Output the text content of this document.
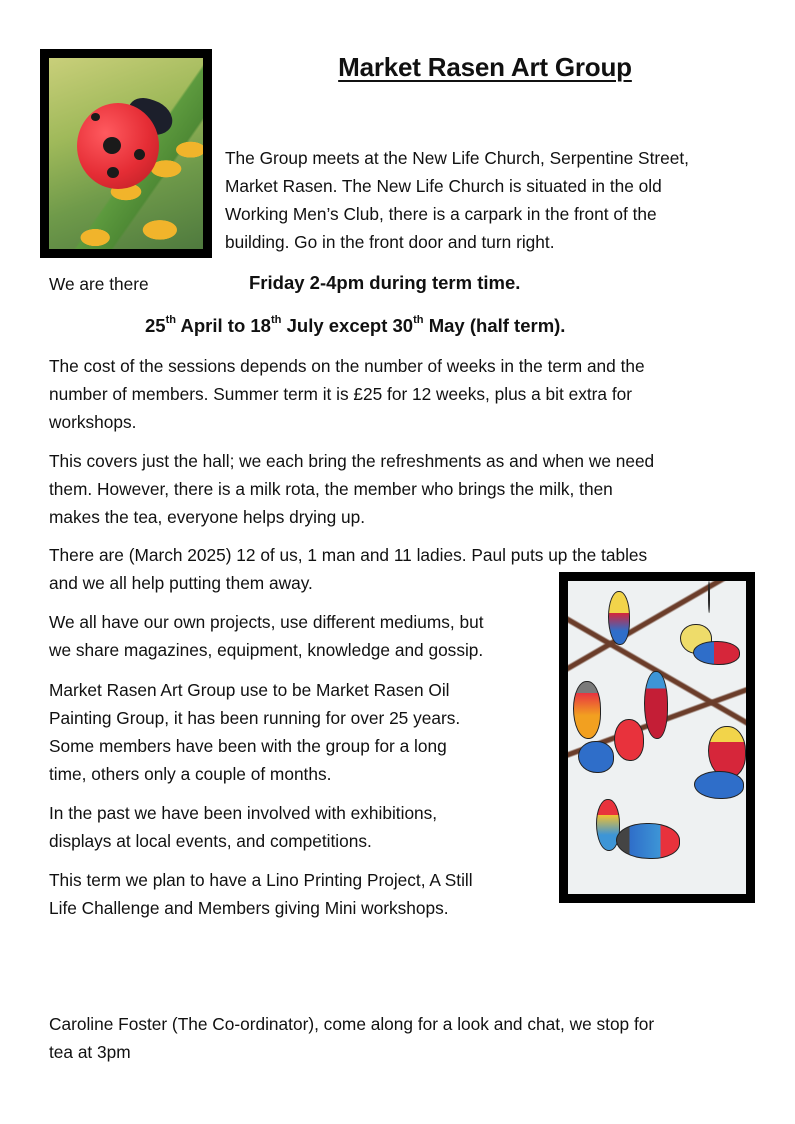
Market Rasen Art Group
The Group meets at the New Life Church, Serpentine Street,
Market Rasen. The New Life Church is situated in the old
Working Men’s Club, there is a carpark in the front of the
building. Go in the front door and turn right.
We are there	Friday 2-4pm during term time.
25th April to 18th July except 30th May (half term).
The cost of the sessions depends on the number of weeks in the term and the
number of members. Summer term it is £25 for 12 weeks, plus a bit extra for
workshops.
This covers just the hall; we each bring the refreshments as and when we need
them. However, there is a milk rota, the member who brings the milk, then
makes the tea, everyone helps drying up.
There are (March 2025) 12 of us, 1 man and 11 ladies. Paul puts up the tables
and we all help putting them away.
We all have our own projects, use different mediums, but
we share magazines, equipment, knowledge and gossip.
Market Rasen Art Group use to be Market Rasen Oil
Painting Group, it has been running for over 25 years.
Some members have been with the group for a long
time, others only a couple of months.
In the past we have been involved with exhibitions,
displays at local events, and competitions.
This term we plan to have a Lino Printing Project, A Still
Life Challenge and Members giving Mini workshops.
Caroline Foster (The Co-ordinator), come along for a look and chat, we stop for
tea at 3pm
